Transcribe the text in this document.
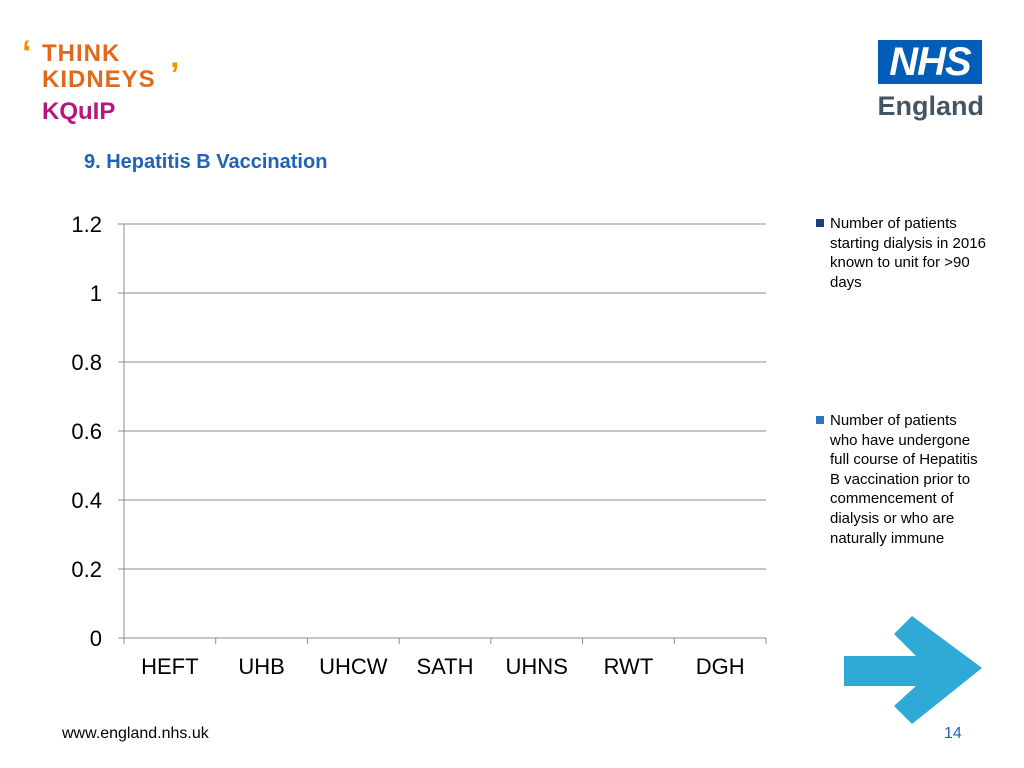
‘ THINK
KIDNEYS ’
KQuIP
NHS
England
9. Hepatitis B Vaccination
0
0.2
0.4
0.6
0.8
1
1.2
HEFT UHB UHCW SATH UHNS RWT DGH
Number of patients starting dialysis in 2016 known to unit for >90 days
Number of patients who have undergone full course of Hepatitis B vaccination prior to commencement of dialysis or who are naturally immune
www.england.nhs.uk	14
